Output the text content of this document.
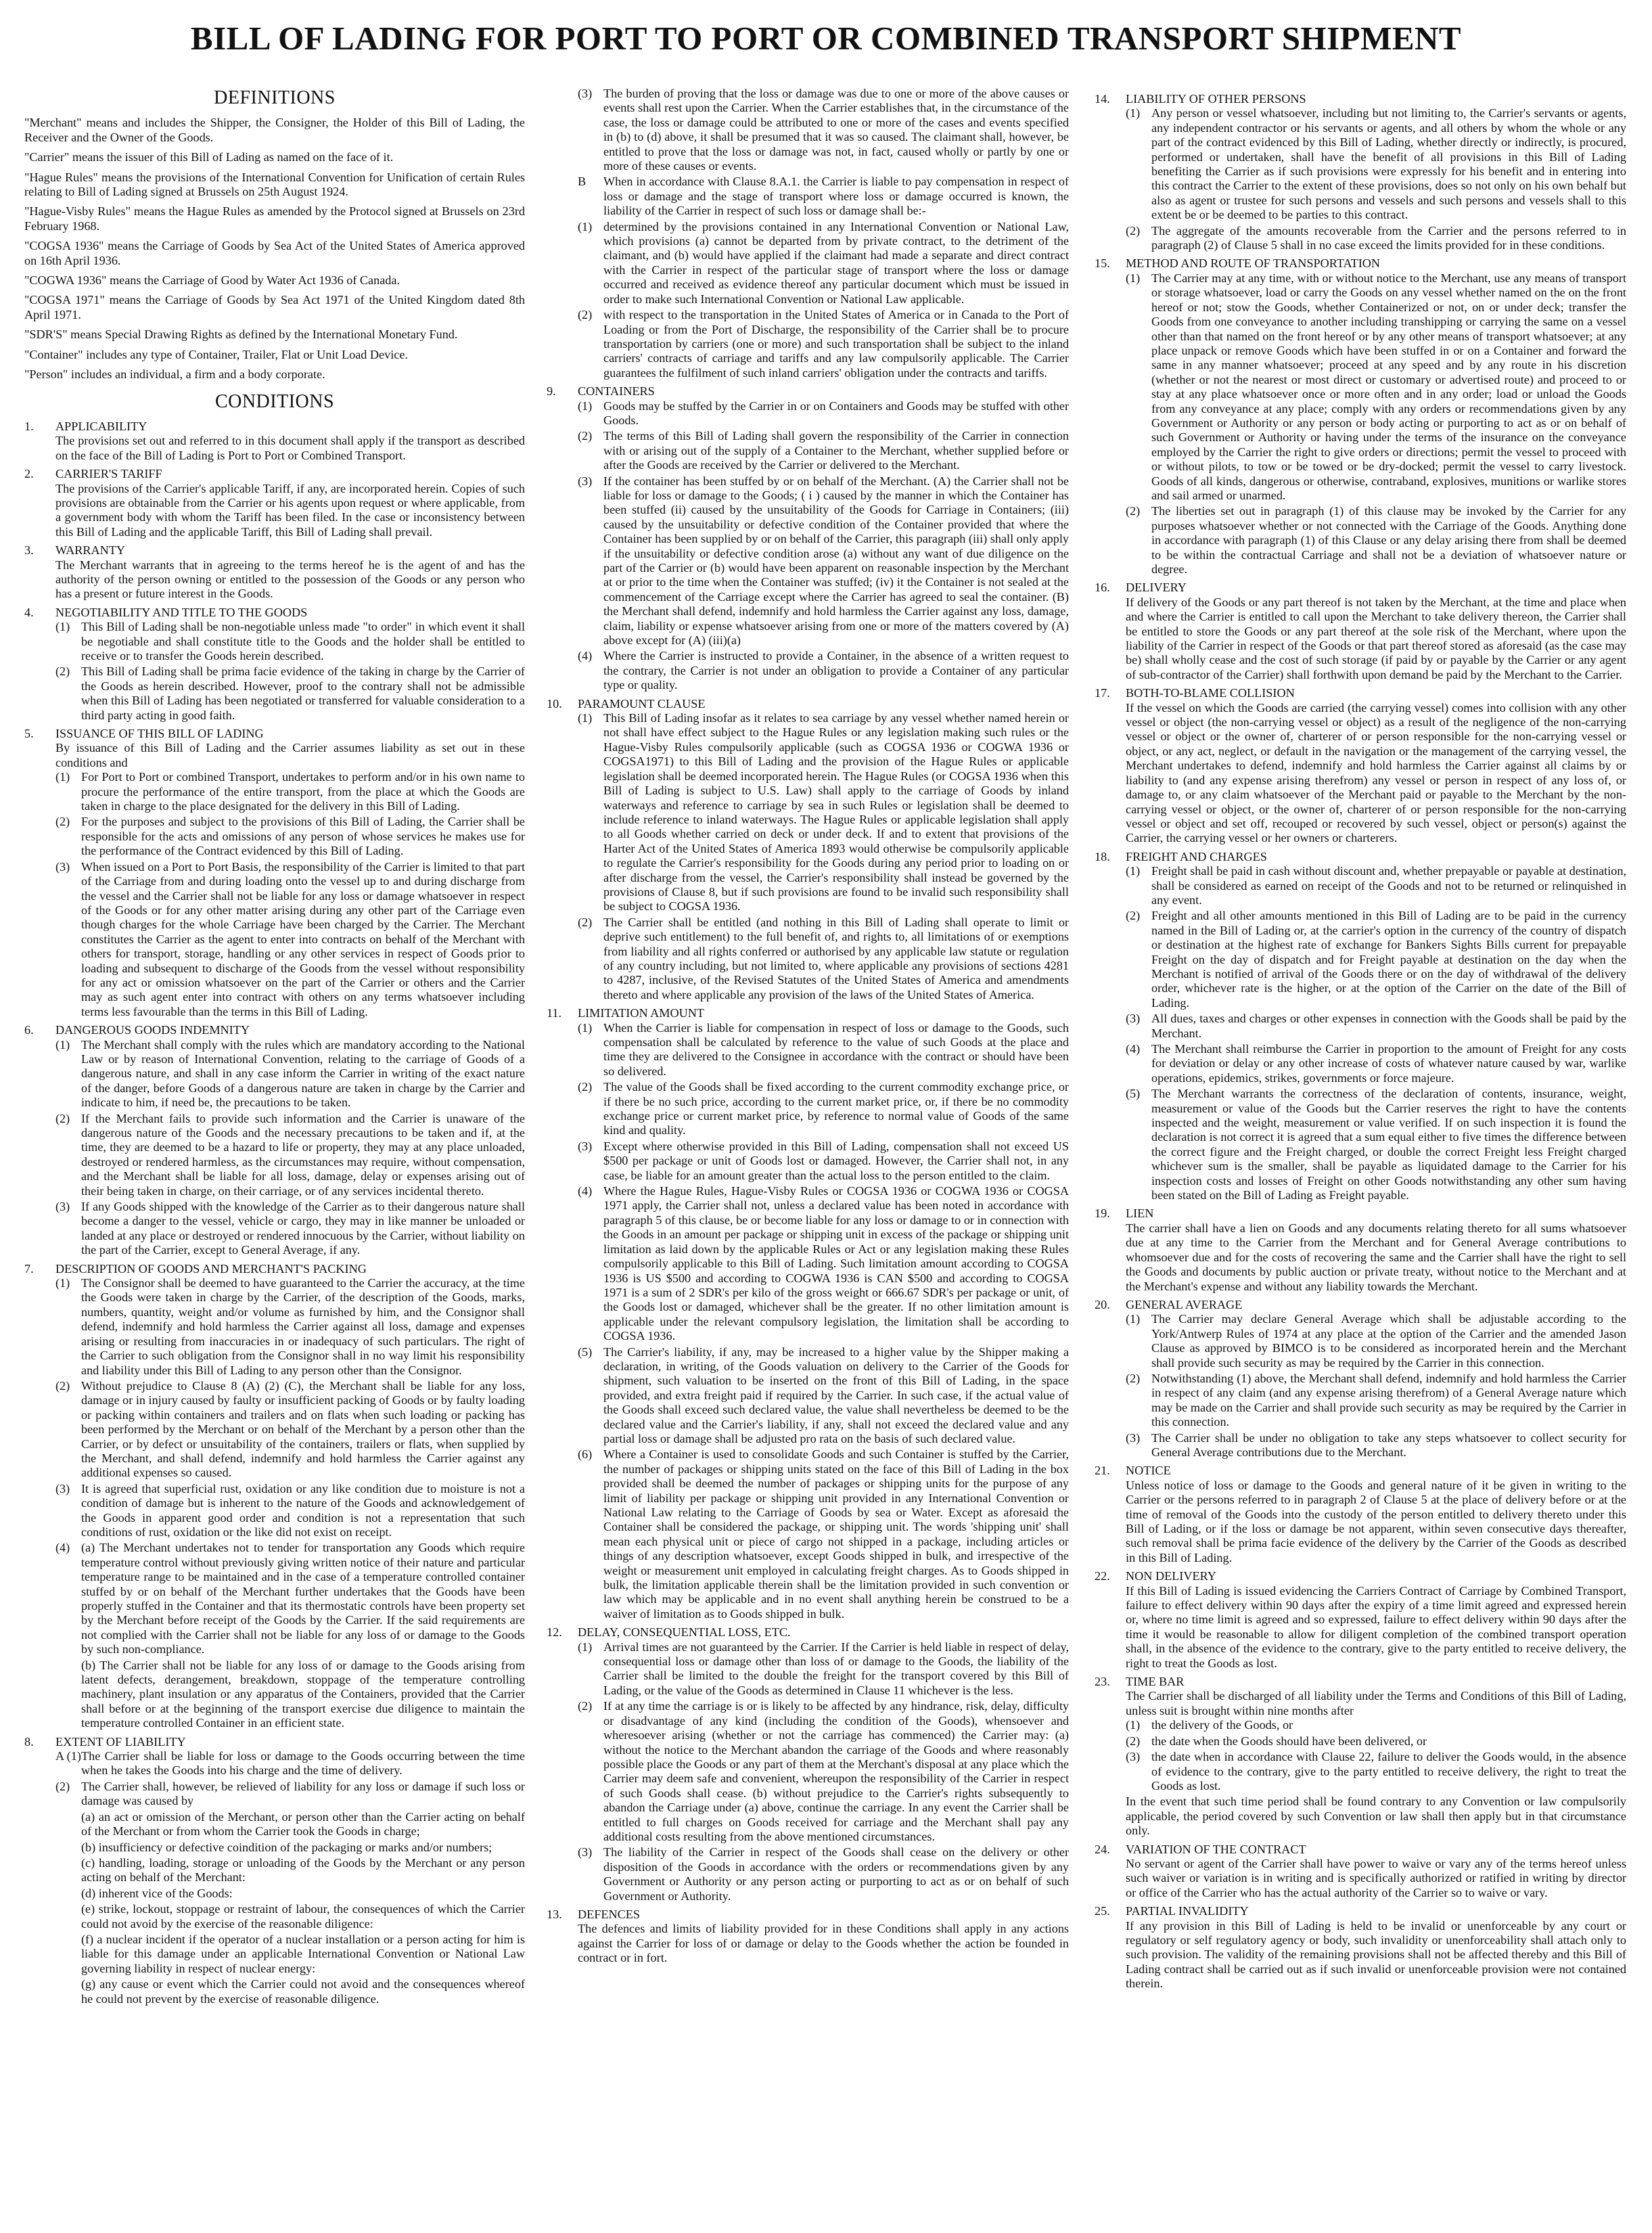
BILL OF LADING FOR PORT TO PORT OR COMBINED TRANSPORT SHIPMENT
DEFINITIONS

"Merchant" means and includes the Shipper, the Consigner, the Holder of this Bill of Lading, the Receiver and the Owner of the Goods.

"Carrier" means the issuer of this Bill of Lading as named on the face of it.

"Hague Rules" means the provisions of the International Convention for Unification of certain Rules relating to Bill of Lading signed at Brussels on 25th August 1924.

"Hague-Visby Rules" means the Hague Rules as amended by the Protocol signed at Brussels on 23rd February 1968.

"COGSA 1936" means the Carriage of Goods by Sea Act of the United States of America approved on 16th April 1936.

"COGWA 1936" means the Carriage of Good by Water Act 1936 of Canada.

"COGSA 1971" means the Carriage of Goods by Sea Act 1971 of the United Kingdom dated 8th April 1971.

"SDR'S" means Special Drawing Rights as defined by the International Monetary Fund.

"Container" includes any type of Container, Trailer, Flat or Unit Load Device.

"Person" includes an individual, a firm and a body corporate.

CONDITIONS
1. APPLICABILITY

The provisions set out and referred to in this document shall apply if the transport as described on the face of the Bill of Lading is Port to Port or Combined Transport.

2. CARRIER'S TARIFF

The provisions of the Carrier's applicable Tariff, if any, are incorporated herein. Copies of such provisions are obtainable from the Carrier or his agents upon request or where applicable, from a government body with whom the Tariff has been filed. In the case or inconsistency between this Bill of Lading and the applicable Tariff, this Bill of Lading shall prevail.

3. WARRANTY

The Merchant warrants that in agreeing to the terms hereof he is the agent of and has the authority of the person owning or entitled to the possession of the Goods or any person who has a present or future interest in the Goods.

4. NEGOTIABILITY AND TITLE TO THE GOODS
(1) This Bill of Lading shall be non-negotiable unless made "to order" in which event it shall be negotiable and shall constitute title to the Goods and the holder shall be entitled to receive or to transfer the Goods herein described.

(2) This Bill of Lading shall be prima facie evidence of the taking in charge by the Carrier of the Goods as herein described. However, proof to the contrary shall not be admissible when this Bill of Lading has been negotiated or transferred for valuable consideration to a third party acting in good faith.

5. ISSUANCE OF THIS BILL OF LADING

By issuance of this Bill of Lading and the Carrier assumes liability as set out in these conditions and

(1) For Port to Port or combined Transport, undertakes to perform and/or in his own name to procure the performance of the entire transport, from the place at which the Goods are taken in charge to the place designated for the delivery in this Bill of Lading.

(2) For the purposes and subject to the provisions of this Bill of Lading, the Carrier shall be responsible for the acts and omissions of any person of whose services he makes use for the performance of the Contract evidenced by this Bill of Lading.

(3) When issued on a Port to Port Basis, the responsibility of the Carrier is limited to that part of the Carriage from and during loading onto the vessel up to and during discharge from the vessel and the Carrier shall not be liable for any loss or damage whatsoever in respect of the Goods or for any other matter arising during any other part of the Carriage even though charges for the whole Carriage have been charged by the Carrier. The Merchant constitutes the Carrier as the agent to enter into contracts on behalf of the Merchant with others for transport, storage, handling or any other services in respect of Goods prior to loading and subsequent to discharge of the Goods from the vessel without responsibility for any act or omission whatsoever on the part of the Carrier or others and the Carrier may as such agent enter into contract with others on any terms whatsoever including terms less favourable than the terms in this Bill of Lading.

6. DANGEROUS GOODS INDEMNITY
(1) The Merchant shall comply with the rules which are mandatory according to the National Law or by reason of International Convention, relating to the carriage of Goods of a dangerous nature, and shall in any case inform the Carrier in writing of the exact nature of the danger, before Goods of a dangerous nature are taken in charge by the Carrier and indicate to him, if need be, the precautions to be taken.

(2) If the Merchant fails to provide such information and the Carrier is unaware of the dangerous nature of the Goods and the necessary precautions to be taken and if, at the time, they are deemed to be a hazard to life or property, they may at any place unloaded, destroyed or rendered harmless, as the circumstances may require, without compensation, and the Merchant shall be liable for all loss, damage, delay or expenses arising out of their being taken in charge, on their carriage, or of any services incidental thereto.

(3) If any Goods shipped with the knowledge of the Carrier as to their dangerous nature shall become a danger to the vessel, vehicle or cargo, they may in like manner be unloaded or landed at any place or destroyed or rendered innocuous by the Carrier, without liability on the part of the Carrier, except to General Average, if any.

7. DESCRIPTION OF GOODS AND MERCHANT'S PACKING
(1) The Consignor shall be deemed to have guaranteed to the Carrier the accuracy, at the time the Goods were taken in charge by the Carrier, of the description of the Goods, marks, numbers, quantity, weight and/or volume as furnished by him, and the Consignor shall defend, indemnify and hold harmless the Carrier against all loss, damage and expenses arising or resulting from inaccuracies in or inadequacy of such particulars. The right of the Carrier to such obligation from the Consignor shall in no way limit his responsibility and liability under this Bill of Lading to any person other than the Consignor.

(2) Without prejudice to Clause 8 (A) (2) (C), the Merchant shall be liable for any loss, damage or in injury caused by faulty or insufficient packing of Goods or by faulty loading or packing within containers and trailers and on flats when such loading or packing has been performed by the Merchant or on behalf of the Merchant by a person other than the Carrier, or by defect or unsuitability of the containers, trailers or flats, when supplied by the Merchant, and shall defend, indemnify and hold harmless the Carrier against any additional expenses so caused.

(3) It is agreed that superficial rust, oxidation or any like condition due to moisture is not a condition of damage but is inherent to the nature of the Goods and acknowledgement of the Goods in apparent good order and condition is not a representation that such conditions of rust, oxidation or the like did not exist on receipt.

(4) (a) The Merchant undertakes not to tender for transportation any Goods which require temperature control without previously giving written notice of their nature and particular temperature range to be maintained and in the case of a temperature controlled container stuffed by or on behalf of the Merchant further undertakes that the Goods have been properly stuffed in the Container and that its thermostatic controls have been property set by the Merchant before receipt of the Goods by the Carrier. If the said requirements are not complied with the Carrier shall not be liable for any loss of or damage to the Goods by such non-compliance.

(b) The Carrier shall not be liable for any loss of or damage to the Goods arising from latent defects, derangement, breakdown, stoppage of the temperature controlling machinery, plant insulation or any apparatus of the Containers, provided that the Carrier shall before or at the beginning of the transport exercise due diligence to maintain the temperature controlled Container in an efficient state.

8. EXTENT OF LIABILITY
A (1) The Carrier shall be liable for loss or damage to the Goods occurring between the time when he takes the Goods into his charge and the time of delivery.

(2) The Carrier shall, however, be relieved of liability for any loss or damage if such loss or damage was caused by

(a) an act or omission of the Merchant, or person other than the Carrier acting on behalf of the Merchant or from whom the Carrier took the Goods in charge;

(b) insufficiency or defective coindition of the packaging or marks and/or numbers;

(c) handling, loading, storage or unloading of the Goods by the Merchant or any person acting on behalf of the Merchant:

(d) inherent vice of the Goods:

(e) strike, lockout, stoppage or restraint of labour, the consequences of which the Carrier could not avoid by the exercise of the reasonable diligence:

(f) a nuclear incident if the operator of a nuclear installation or a person acting for him is liable for this damage under an applicable International Convention or National Law governing liability in respect of nuclear energy:

(g) any cause or event which the Carrier could not avoid and the consequences whereof he could not prevent by the exercise of reasonable diligence.

(3) The burden of proving that the loss or damage was due to one or more of the above causes or events shall rest upon the Carrier. When the Carrier establishes that, in the circumstance of the case, the loss or damage could be attributed to one or more of the cases and events specified in (b) to (d) above, it shall be presumed that it was so caused. The claimant shall, however, be entitled to prove that the loss or damage was not, in fact, caused wholly or partly by one or more of these causes or events.

B When in accordance with Clause 8.A.1. the Carrier is liable to pay compensation in respect of loss or damage and the stage of transport where loss or damage occurred is known, the liability of the Carrier in respect of such loss or damage shall be:-

(1) determined by the provisions contained in any International Convention or National Law, which provisions (a) cannot be departed from by private contract, to the detriment of the claimant, and (b) would have applied if the claimant had made a separate and direct contract with the Carrier in respect of the particular stage of transport where the loss or damage occurred and received as evidence thereof any particular document which must be issued in order to make such International Convention or National Law applicable.

(2) with respect to the transportation in the United States of America or in Canada to the Port of Loading or from the Port of Discharge, the responsibility of the Carrier shall be to procure transportation by carriers (one or more) and such transportation shall be subject to the inland carriers' contracts of carriage and tariffs and any law compulsorily applicable. The Carrier guarantees the fulfilment of such inland carriers' obligation under the contracts and tariffs.

9. CONTAINERS
(1) Goods may be stuffed by the Carrier in or on Containers and Goods may be stuffed with other Goods.

(2) The terms of this Bill of Lading shall govern the responsibility of the Carrier in connection with or arising out of the supply of a Container to the Merchant, whether supplied before or after the Goods are received by the Carrier or delivered to the Merchant.

(3) If the container has been stuffed by or on behalf of the Merchant. (A) the Carrier shall not be liable for loss or damage to the Goods; ( i ) caused by the manner in which the Container has been stuffed (ii) caused by the unsuitability of the Goods for Carriage in Containers; (iii) caused by the unsuitability or defective condition of the Container provided that where the Container has been supplied by or on behalf of the Carrier, this paragraph (iii) shall only apply if the unsuitability or defective condition arose (a) without any want of due diligence on the part of the Carrier or (b) would have been apparent on reasonable inspection by the Merchant at or prior to the time when the Container was stuffed; (iv) it the Container is not sealed at the commencement of the Carriage except where the Carrier has agreed to seal the container. (B) the Merchant shall defend, indemnify and hold harmless the Carrier against any loss, damage, claim, liability or expense whatsoever arising from one or more of the matters covered by (A) above except for (A) (iii)(a)

(4) Where the Carrier is instructed to provide a Container, in the absence of a written request to the contrary, the Carrier is not under an obligation to provide a Container of any particular type or quality.

10. PARAMOUNT CLAUSE
(1) This Bill of Lading insofar as it relates to sea carriage by any vessel whether named herein or not shall have effect subject to the Hague Rules or any legislation making such rules or the Hague-Visby Rules compulsorily applicable (such as COGSA 1936 or COGWA 1936 or COGSA1971) to this Bill of Lading and the provision of the Hague Rules or applicable legislation shall be deemed incorporated herein. The Hague Rules (or COGSA 1936 when this Bill of Lading is subject to U.S. Law) shall apply to the carriage of Goods by inland waterways and reference to carriage by sea in such Rules or legislation shall be deemed to include reference to inland waterways. The Hague Rules or applicable legislation shall apply to all Goods whether carried on deck or under deck. If and to extent that provisions of the Harter Act of the United States of America 1893 would otherwise be compulsorily applicable to regulate the Carrier's responsibility for the Goods during any period prior to loading on or after discharge from the vessel, the Carrier's responsibility shall instead be governed by the provisions of Clause 8, but if such provisions are found to be invalid such responsibility shall be subject to COGSA 1936.

(2) The Carrier shall be entitled (and nothing in this Bill of Lading shall operate to limit or deprive such entitlement) to the full benefit of, and rights to, all limitations of or exemptions from liability and all rights conferred or authorised by any applicable law statute or regulation of any country including, but not limited to, where applicable any provisions of sections 4281 to 4287, inclusive, of the Revised Statutes of the United States of America and amendments thereto and where applicable any provision of the laws of the United States of America.

11. LIMITATION AMOUNT
(1) When the Carrier is liable for compensation in respect of loss or damage to the Goods, such compensation shall be calculated by reference to the value of such Goods at the place and time they are delivered to the Consignee in accordance with the contract or should have been so delivered.

(2) The value of the Goods shall be fixed according to the current commodity exchange price, or if there be no such price, according to the current market price, or, if there be no commodity exchange price or current market price, by reference to normal value of Goods of the same kind and quality.

(3) Except where otherwise provided in this Bill of Lading, compensation shall not exceed US $500 per package or unit of Goods lost or damaged. However, the Carrier shall not, in any case, be liable for an amount greater than the actual loss to the person entitled to the claim.

(4) Where the Hague Rules, Hague-Visby Rules or COGSA 1936 or COGWA 1936 or COGSA 1971 apply, the Carrier shall not, unless a declared value has been noted in accordance with paragraph 5 of this clause, be or become liable for any loss or damage to or in connection with the Goods in an amount per package or shipping unit in excess of the package or shipping unit limitation as laid down by the applicable Rules or Act or any legislation making these Rules compulsorily applicable to this Bill of Lading. Such limitation amount according to COGSA 1936 is US $500 and according to COGWA 1936 is CAN $500 and according to COGSA 1971 is a sum of 2 SDR's per kilo of the gross weight or 666.67 SDR's per package or unit, of the Goods lost or damaged, whichever shall be the greater. If no other limitation amount is applicable under the relevant compulsory legislation, the limitation shall be according to COGSA 1936.

(5) The Carrier's liability, if any, may be increased to a higher value by the Shipper making a declaration, in writing, of the Goods valuation on delivery to the Carrier of the Goods for shipment, such valuation to be inserted on the front of this Bill of Lading, in the space provided, and extra freight paid if required by the Carrier. In such case, if the actual value of the Goods shall exceed such declared value, the value shall nevertheless be deemed to be the declared value and the Carrier's liability, if any, shall not exceed the declared value and any partial loss or damage shall be adjusted pro rata on the basis of such declared value.

(6) Where a Container is used to consolidate Goods and such Container is stuffed by the Carrier, the number of packages or shipping units stated on the face of this Bill of Lading in the box provided shall be deemed the number of packages or shipping units for the purpose of any limit of liability per package or shipping unit provided in any International Convention or National Law relating to the Carriage of Goods by sea or Water. Except as aforesaid the Container shall be considered the package, or shipping unit. The words 'shipping unit' shall mean each physical unit or piece of cargo not shipped in a package, including articles or things of any description whatsoever, except Goods shipped in bulk, and irrespective of the weight or measurement unit employed in calculating freight charges. As to Goods shipped in bulk, the limitation applicable therein shall be the limitation provided in such convention or law which may be applicable and in no event shall anything herein be construed to be a waiver of limitation as to Goods shipped in bulk.

12. DELAY, CONSEQUENTIAL LOSS, ETC.
(1) Arrival times are not guaranteed by the Carrier. If the Carrier is held liable in respect of delay, consequential loss or damage other than loss of or damage to the Goods, the liability of the Carrier shall be limited to the double the freight for the transport covered by this Bill of Lading, or the value of the Goods as determined in Clause 11 whichever is the less.

(2) If at any time the carriage is or is likely to be affected by any hindrance, risk, delay, difficulty or disadvantage of any kind (including the condition of the Goods), whensoever and wheresoever arising (whether or not the carriage has commenced) the Carrier may: (a) without the notice to the Merchant abandon the carriage of the Goods and where reasonably possible place the Goods or any part of them at the Merchant's disposal at any place which the Carrier may deem safe and convenient, whereupon the responsibility of the Carrier in respect of such Goods shall cease. (b) without prejudice to the Carrier's rights subsequently to abandon the Carriage under (a) above, continue the carriage. In any event the Carrier shall be entitled to full charges on Goods received for carriage and the Merchant shall pay any additional costs resulting from the above mentioned circumstances.

(3) The liability of the Carrier in respect of the Goods shall cease on the delivery or other disposition of the Goods in accordance with the orders or recommendations given by any Government or Authority or any person acting or purporting to act as or on behalf of such Government or Authority.

13. DEFENCES

The defences and limits of liability provided for in these Conditions shall apply in any actions against the Carrier for loss of or damage or delay to the Goods whether the action be founded in contract or in fort.

14. LIABILITY OF OTHER PERSONS
(1) Any person or vessel whatsoever, including but not limiting to, the Carrier's servants or agents, any independent contractor or his servants or agents, and all others by whom the whole or any part of the contract evidenced by this Bill of Lading, whether directly or indirectly, is procured, performed or undertaken, shall have the benefit of all provisions in this Bill of Lading benefiting the Carrier as if such provisions were expressly for his benefit and in entering into this contract the Carrier to the extent of these provisions, does so not only on his own behalf but also as agent or trustee for such persons and vessels and such persons and vessels shall to this extent be or be deemed to be parties to this contract.

(2) The aggregate of the amounts recoverable from the Carrier and the persons referred to in paragraph (2) of Clause 5 shall in no case exceed the limits provided for in these conditions.

15. METHOD AND ROUTE OF TRANSPORTATION
(1) The Carrier may at any time, with or without notice to the Merchant, use any means of transport or storage whatsoever, load or carry the Goods on any vessel whether named on the on the front hereof or not; stow the Goods, whether Containerized or not, on or under deck; transfer the Goods from one conveyance to another including transhipping or carrying the same on a vessel other than that named on the front hereof or by any other means of transport whatsoever; at any place unpack or remove Goods which have been stuffed in or on a Container and forward the same in any manner whatsoever; proceed at any speed and by any route in his discretion (whether or not the nearest or most direct or customary or advertised route) and proceed to or stay at any place whatsoever once or more often and in any order; load or unload the Goods from any conveyance at any place; comply with any orders or recommendations given by any Government or Authority or any person or body acting or purporting to act as or on behalf of such Government or Authority or having under the terms of the insurance on the conveyance employed by the Carrier the right to give orders or directions; permit the vessel to proceed with or without pilots, to tow or be towed or be dry-docked; permit the vessel to carry livestock. Goods of all kinds, dangerous or otherwise, contraband, explosives, munitions or warlike stores and sail armed or unarmed.

(2) The liberties set out in paragraph (1) of this clause may be invoked by the Carrier for any purposes whatsoever whether or not connected with the Carriage of the Goods. Anything done in accordance with paragraph (1) of this Clause or any delay arising there from shall be deemed to be within the contractual Carriage and shall not be a deviation of whatsoever nature or degree.

16. DELIVERY

If delivery of the Goods or any part thereof is not taken by the Merchant, at the time and place when and where the Carrier is entitled to call upon the Merchant to take delivery thereon, the Carrier shall be entitled to store the Goods or any part thereof at the sole risk of the Merchant, where upon the liability of the Carrier in respect of the Goods or that part thereof stored as aforesaid (as the case may be) shall wholly cease and the cost of such storage (if paid by or payable by the Carrier or any agent of sub-contractor of the Carrier) shall forthwith upon demand be paid by the Merchant to the Carrier.

17. BOTH-TO-BLAME COLLISION

If the vessel on which the Goods are carried (the carrying vessel) comes into collision with any other vessel or object (the non-carrying vessel or object) as a result of the negligence of the non-carrying vessel or object or the owner of, charterer of or person responsible for the non-carrying vessel or object, or any act, neglect, or default in the navigation or the management of the carrying vessel, the Merchant undertakes to defend, indemnify and hold harmless the Carrier against all claims by or liability to (and any expense arising therefrom) any vessel or person in respect of any loss of, or damage to, or any claim whatsoever of the Merchant paid or payable to the Merchant by the non-carrying vessel or object, or the owner of, charterer of or person responsible for the non-carrying vessel or object and set off, recouped or recovered by such vessel, object or person(s) against the Carrier, the carrying vessel or her owners or charterers.

18. FREIGHT AND CHARGES
(1) Freight shall be paid in cash without discount and, whether prepayable or payable at destination, shall be considered as earned on receipt of the Goods and not to be returned or relinquished in any event.

(2) Freight and all other amounts mentioned in this Bill of Lading are to be paid in the currency named in the Bill of Lading or, at the carrier's option in the currency of the country of dispatch or destination at the highest rate of exchange for Bankers Sights Bills current for prepayable Freight on the day of dispatch and for Freight payable at destination on the day when the Merchant is notified of arrival of the Goods there or on the day of withdrawal of the delivery order, whichever rate is the higher, or at the option of the Carrier on the date of the Bill of Lading.

(3) All dues, taxes and charges or other expenses in connection with the Goods shall be paid by the Merchant.

(4) The Merchant shall reimburse the Carrier in proportion to the amount of Freight for any costs for deviation or delay or any other increase of costs of whatever nature caused by war, warlike operations, epidemics, strikes, governments or force majeure.

(5) The Merchant warrants the correctness of the declaration of contents, insurance, weight, measurement or value of the Goods but the Carrier reserves the right to have the contents inspected and the weight, measurement or value verified. If on such inspection it is found the declaration is not correct it is agreed that a sum equal either to five times the difference between the correct figure and the Freight charged, or double the correct Freight less Freight charged whichever sum is the smaller, shall be payable as liquidated damage to the Carrier for his inspection costs and losses of Freight on other Goods notwithstanding any other sum having been stated on the Bill of Lading as Freight payable.

19. LIEN

The carrier shall have a lien on Goods and any documents relating thereto for all sums whatsoever due at any time to the Carrier from the Merchant and for General Average contributions to whomsoever due and for the costs of recovering the same and the Carrier shall have the right to sell the Goods and documents by public auction or private treaty, without notice to the Merchant and at the Merchant's expense and without any liability towards the Merchant.

20. GENERAL AVERAGE
(1) The Carrier may declare General Average which shall be adjustable according to the York/Antwerp Rules of 1974 at any place at the option of the Carrier and the amended Jason Clause as approved by BIMCO is to be considered as incorporated herein and the Merchant shall provide such security as may be required by the Carrier in this connection.

(2) Notwithstanding (1) above, the Merchant shall defend, indemnify and hold harmless the Carrier in respect of any claim (and any expense arising therefrom) of a General Average nature which may be made on the Carrier and shall provide such security as may be required by the Carrier in this connection.

(3) The Carrier shall be under no obligation to take any steps whatsoever to collect security for General Average contributions due to the Merchant.

21. NOTICE

Unless notice of loss or damage to the Goods and general nature of it be given in writing to the Carrier or the persons referred to in paragraph 2 of Clause 5 at the place of delivery before or at the time of removal of the Goods into the custody of the person entitled to delivery thereto under this Bill of Lading, or if the loss or damage be not apparent, within seven consecutive days thereafter, such removal shall be prima facie evidence of the delivery by the Carrier of the Goods as described in this Bill of Lading.

22. NON DELIVERY

If this Bill of Lading is issued evidencing the Carriers Contract of Carriage by Combined Transport, failure to effect delivery within 90 days after the expiry of a time limit agreed and expressed herein or, where no time limit is agreed and so expressed, failure to effect delivery within 90 days after the time it would be reasonable to allow for diligent completion of the combined transport operation shall, in the absence of the evidence to the contrary, give to the party entitled to receive delivery, the right to treat the Goods as lost.

23. TIME BAR

The Carrier shall be discharged of all liability under the Terms and Conditions of this Bill of Lading, unless suit is brought within nine months after

(1) the delivery of the Goods, or

(2) the date when the Goods should have been delivered, or

(3) the date when in accordance with Clause 22, failure to deliver the Goods would, in the absence of evidence to the contrary, give to the party entitled to receive delivery, the right to treat the Goods as lost.

In the event that such time period shall be found contrary to any Convention or law compulsorily applicable, the period covered by such Convention or law shall then apply but in that circumstance only.

24. VARIATION OF THE CONTRACT

No servant or agent of the Carrier shall have power to waive or vary any of the terms hereof unless such waiver or variation is in writing and is specifically authorized or ratified in writing by director or office of the Carrier who has the actual authority of the Carrier so to waive or vary.

25. PARTIAL INVALIDITY

If any provision in this Bill of Lading is held to be invalid or unenforceable by any court or regulatory or self regulatory agency or body, such invalidity or unenforceability shall attach only to such provision. The validity of the remaining provisions shall not be affected thereby and this Bill of Lading contract shall be carried out as if such invalid or unenforceable provision were not contained therein.
